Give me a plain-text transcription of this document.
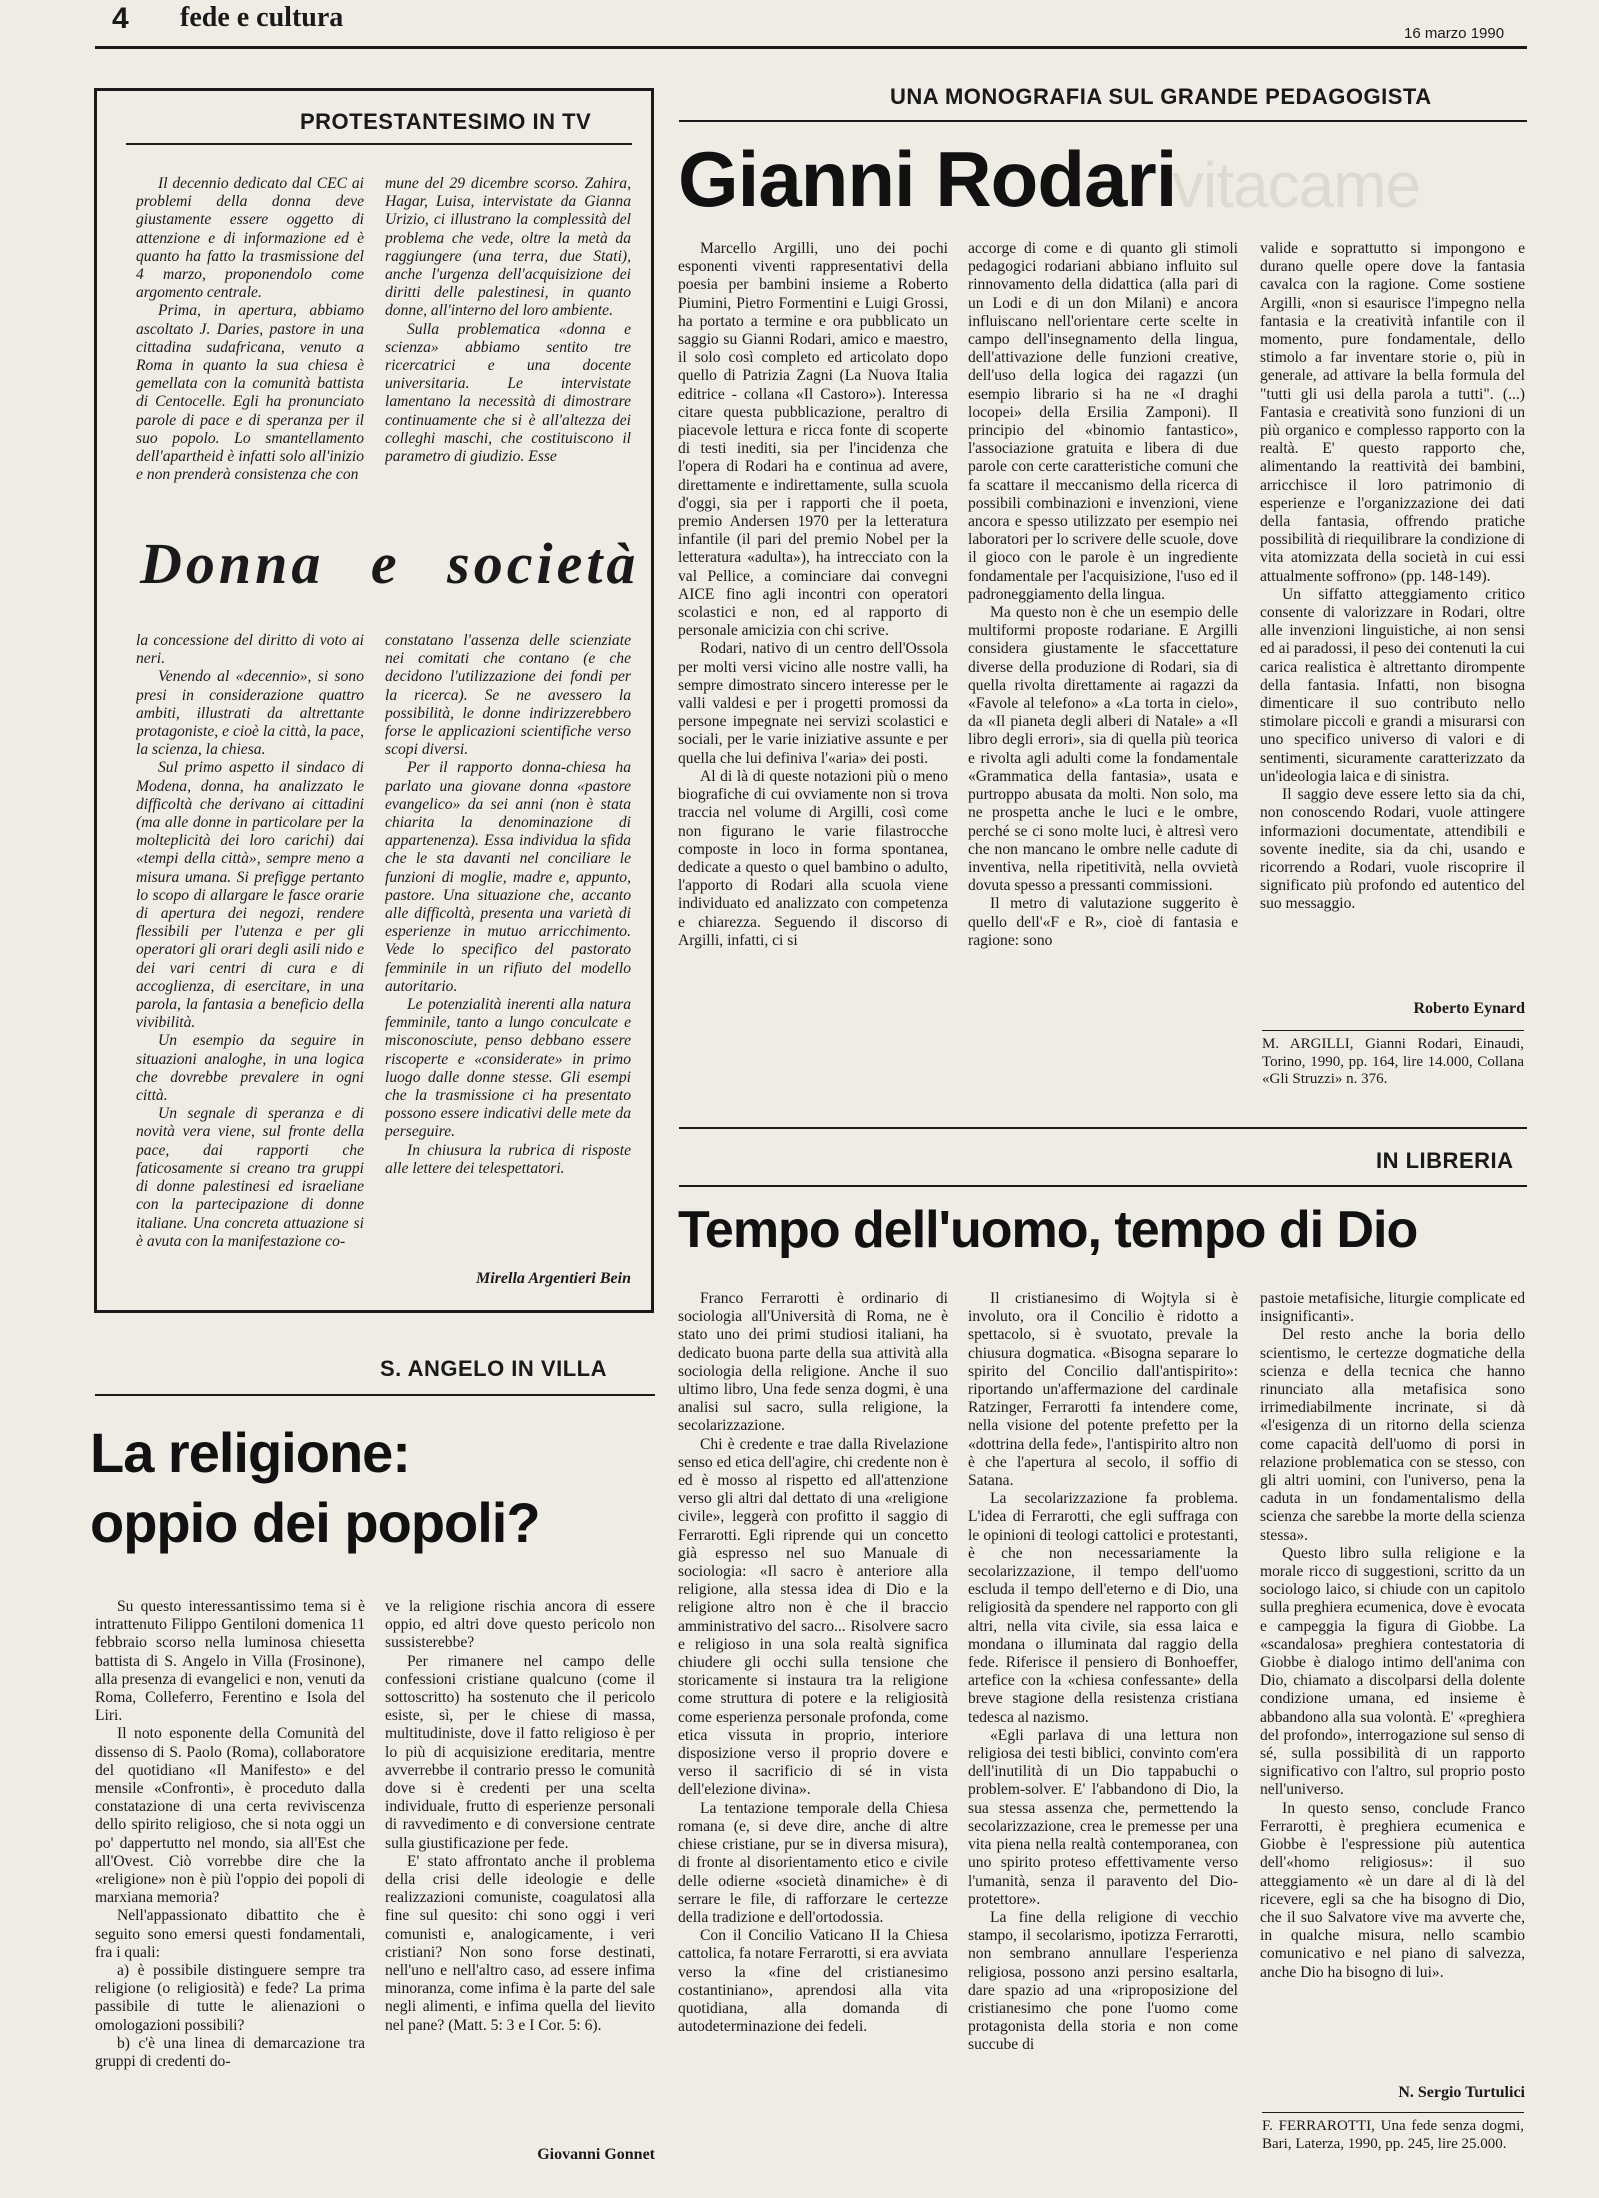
4 fede e cultura
16 marzo 1990
PROTESTANTESIMO IN TV

Il decennio dedicato dal CEC ai problemi della donna deve giustamente essere oggetto di attenzione e di informazione ed è quanto ha fatto la trasmissione del 4 marzo, proponendolo come argomento centrale.

Prima, in apertura, abbiamo ascoltato J. Daries, pastore in una cittadina sudafricana, venuto a Roma in quanto la sua chiesa è gemellata con la comunità battista di Centocelle. Egli ha pronunciato parole di pace e di speranza per il suo popolo. Lo smantellamento dell'apartheid è infatti solo all'inizio e non prenderà consistenza che con

mune del 29 dicembre scorso. Zahira, Hagar, Luisa, intervistate da Gianna Urizio, ci illustrano la complessità del problema che vede, oltre la metà da raggiungere (una terra, due Stati), anche l'urgenza dell'acquisizione dei diritti delle palestinesi, in quanto donne, all'interno del loro ambiente.

Sulla problematica «donna e scienza» abbiamo sentito tre ricercatrici e una docente universitaria. Le intervistate lamentano la necessità di dimostrare continuamente che si è all'altezza dei colleghi maschi, che costituiscono il parametro di giudizio. Esse

Donna e società

la concessione del diritto di voto ai neri.

Venendo al «decennio», si sono presi in considerazione quattro ambiti, illustrati da altrettante protagoniste, e cioè la città, la pace, la scienza, la chiesa.

Sul primo aspetto il sindaco di Modena, donna, ha analizzato le difficoltà che derivano ai cittadini (ma alle donne in particolare per la molteplicità dei loro carichi) dai «tempi della città», sempre meno a misura umana. Si prefigge pertanto lo scopo di allargare le fasce orarie di apertura dei negozi, rendere flessibili per l'utenza e per gli operatori gli orari degli asili nido e dei vari centri di cura e di accoglienza, di esercitare, in una parola, la fantasia a beneficio della vivibilità.

Un esempio da seguire in situazioni analoghe, in una logica che dovrebbe prevalere in ogni città.

Un segnale di speranza e di novità vera viene, sul fronte della pace, dai rapporti che faticosamente si creano tra gruppi di donne palestinesi ed israeliane con la partecipazione di donne italiane. Una concreta attuazione si è avuta con la manifestazione co-

constatano l'assenza delle scienziate nei comitati che contano (e che decidono l'utilizzazione dei fondi per la ricerca). Se ne avessero la possibilità, le donne indirizzerebbero forse le applicazioni scientifiche verso scopi diversi.

Per il rapporto donna-chiesa ha parlato una giovane donna «pastore evangelico» da sei anni (non è stata chiarita la denominazione di appartenenza). Essa individua la sfida che le sta davanti nel conciliare le funzioni di moglie, madre e, appunto, pastore. Una situazione che, accanto alle difficoltà, presenta una varietà di esperienze in mutuo arricchimento. Vede lo specifico del pastorato femminile in un rifiuto del modello autoritario.

Le potenzialità inerenti alla natura femminile, tanto a lungo conculcate e misconosciute, penso debbano essere riscoperte e «considerate» in primo luogo dalle donne stesse. Gli esempi che la trasmissione ci ha presentato possono essere indicativi delle mete da perseguire.

In chiusura la rubrica di risposte alle lettere dei telespettatori.

Mirella Argentieri Bein
UNA MONOGRAFIA SUL GRANDE PEDAGOGISTA
vitacame
Gianni Rodari

Marcello Argilli, uno dei pochi esponenti viventi rappresentativi della poesia per bambini insieme a Roberto Piumini, Pietro Formentini e Luigi Grossi, ha portato a termine e ora pubblicato un saggio su Gianni Rodari, amico e maestro, il solo così completo ed articolato dopo quello di Patrizia Zagni (La Nuova Italia editrice - collana «Il Castoro»). Interessa citare questa pubblicazione, peraltro di piacevole lettura e ricca fonte di scoperte di testi inediti, sia per l'incidenza che l'opera di Rodari ha e continua ad avere, direttamente e indirettamente, sulla scuola d'oggi, sia per i rapporti che il poeta, premio Andersen 1970 per la letteratura infantile (il pari del premio Nobel per la letteratura «adulta»), ha intrecciato con la val Pellice, a cominciare dai convegni AICE fino agli incontri con operatori scolastici e non, ed al rapporto di personale amicizia con chi scrive.

Rodari, nativo di un centro dell'Ossola per molti versi vicino alle nostre valli, ha sempre dimostrato sincero interesse per le valli valdesi e per i progetti promossi da persone impegnate nei servizi scolastici e sociali, per le varie iniziative assunte e per quella che lui definiva l'«aria» dei posti.

Al di là di queste notazioni più o meno biografiche di cui ovviamente non si trova traccia nel volume di Argilli, così come non figurano le varie filastrocche composte in loco in forma spontanea, dedicate a questo o quel bambino o adulto, l'apporto di Rodari alla scuola viene individuato ed analizzato con competenza e chiarezza. Seguendo il discorso di Argilli, infatti, ci si

accorge di come e di quanto gli stimoli pedagogici rodariani abbiano influito sul rinnovamento della didattica (alla pari di un Lodi e di un don Milani) e ancora influiscano nell'orientare certe scelte in campo dell'insegnamento della lingua, dell'attivazione delle funzioni creative, dell'uso della logica dei ragazzi (un esempio librario si ha ne «I draghi locopei» della Ersilia Zamponi). Il principio del «binomio fantastico», l'associazione gratuita e libera di due parole con certe caratteristiche comuni che fa scattare il meccanismo della ricerca di possibili combinazioni e invenzioni, viene ancora e spesso utilizzato per esempio nei laboratori per lo scrivere delle scuole, dove il gioco con le parole è un ingrediente fondamentale per l'acquisizione, l'uso ed il padroneggiamento della lingua.

Ma questo non è che un esempio delle multiformi proposte rodariane. E Argilli considera giustamente le sfaccettature diverse della produzione di Rodari, sia di quella rivolta direttamente ai ragazzi da «Favole al telefono» a «La torta in cielo», da «Il pianeta degli alberi di Natale» a «Il libro degli errori», sia di quella più teorica e rivolta agli adulti come la fondamentale «Grammatica della fantasia», usata e purtroppo abusata da molti. Non solo, ma ne prospetta anche le luci e le ombre, perché se ci sono molte luci, è altresì vero che non mancano le ombre nelle cadute di inventiva, nella ripetitività, nella ovvietà dovuta spesso a pressanti commissioni.

Il metro di valutazione suggerito è quello dell'«F e R», cioè di fantasia e ragione: sono

valide e soprattutto si impongono e durano quelle opere dove la fantasia cavalca con la ragione. Come sostiene Argilli, «non si esaurisce l'impegno nella fantasia e la creatività infantile con il momento, pure fondamentale, dello stimolo a far inventare storie o, più in generale, ad attivare la bella formula del "tutti gli usi della parola a tutti". (...) Fantasia e creatività sono funzioni di un più organico e complesso rapporto con la realtà. E' questo rapporto che, alimentando la reattività dei bambini, arricchisce il loro patrimonio di esperienze e l'organizzazione dei dati della fantasia, offrendo pratiche possibilità di riequilibrare la condizione di vita atomizzata della società in cui essi attualmente soffrono» (pp. 148-149).

Un siffatto atteggiamento critico consente di valorizzare in Rodari, oltre alle invenzioni linguistiche, ai non sensi ed ai paradossi, il peso dei contenuti la cui carica realistica è altrettanto dirompente della fantasia. Infatti, non bisogna dimenticare il suo contributo nello stimolare piccoli e grandi a misurarsi con uno specifico universo di valori e di sentimenti, sicuramente caratterizzato da un'ideologia laica e di sinistra.

Il saggio deve essere letto sia da chi, non conoscendo Rodari, vuole attingere informazioni documentate, attendibili e sovente inedite, sia da chi, usando e ricorrendo a Rodari, vuole riscoprire il significato più profondo ed autentico del suo messaggio.

Roberto Eynard
M. ARGILLI, Gianni Rodari, Einaudi, Torino, 1990, pp. 164, lire 14.000, Collana «Gli Struzzi» n. 376.
S. ANGELO IN VILLA
La religione:
oppio dei popoli?

Su questo interessantissimo tema si è intrattenuto Filippo Gentiloni domenica 11 febbraio scorso nella luminosa chiesetta battista di S. Angelo in Villa (Frosinone), alla presenza di evangelici e non, venuti da Roma, Colleferro, Ferentino e Isola del Liri.

Il noto esponente della Comunità del dissenso di S. Paolo (Roma), collaboratore del quotidiano «Il Manifesto» e del mensile «Confronti», è proceduto dalla constatazione di una certa reviviscenza dello spirito religioso, che si nota oggi un po' dappertutto nel mondo, sia all'Est che all'Ovest. Ciò vorrebbe dire che la «religione» non è più l'oppio dei popoli di marxiana memoria?

Nell'appassionato dibattito che è seguito sono emersi questi fondamentali, fra i quali:

a) è possibile distinguere sempre tra religione (o religiosità) e fede? La prima passibile di tutte le alienazioni o omologazioni possibili?

b) c'è una linea di demarcazione tra gruppi di credenti do-

ve la religione rischia ancora di essere oppio, ed altri dove questo pericolo non sussisterebbe?

Per rimanere nel campo delle confessioni cristiane qualcuno (come il sottoscritto) ha sostenuto che il pericolo esiste, sì, per le chiese di massa, multitudiniste, dove il fatto religioso è per lo più di acquisizione ereditaria, mentre avverrebbe il contrario presso le comunità dove si è credenti per una scelta individuale, frutto di esperienze personali di ravvedimento e di conversione centrate sulla giustificazione per fede.

E' stato affrontato anche il problema della crisi delle ideologie e delle realizzazioni comuniste, coagulatosi alla fine sul quesito: chi sono oggi i veri comunisti e, analogicamente, i veri cristiani? Non sono forse destinati, nell'uno e nell'altro caso, ad essere infima minoranza, come infima è la parte del sale negli alimenti, e infima quella del lievito nel pane? (Matt. 5: 3 e I Cor. 5: 6).

Giovanni Gonnet
IN LIBRERIA
Tempo dell'uomo, tempo di Dio

Franco Ferrarotti è ordinario di sociologia all'Università di Roma, ne è stato uno dei primi studiosi italiani, ha dedicato buona parte della sua attività alla sociologia della religione. Anche il suo ultimo libro, Una fede senza dogmi, è una analisi sul sacro, sulla religione, la secolarizzazione.

Chi è credente e trae dalla Rivelazione senso ed etica dell'agire, chi credente non è ed è mosso al rispetto ed all'attenzione verso gli altri dal dettato di una «religione civile», leggerà con profitto il saggio di Ferrarotti. Egli riprende qui un concetto già espresso nel suo Manuale di sociologia: «Il sacro è anteriore alla religione, alla stessa idea di Dio e la religione altro non è che il braccio amministrativo del sacro... Risolvere sacro e religioso in una sola realtà significa chiudere gli occhi sulla tensione che storicamente si instaura tra la religione come struttura di potere e la religiosità come esperienza personale profonda, come etica vissuta in proprio, interiore disposizione verso il proprio dovere e verso il sacrificio di sé in vista dell'elezione divina».

La tentazione temporale della Chiesa romana (e, si deve dire, anche di altre chiese cristiane, pur se in diversa misura), di fronte al disorientamento etico e civile delle odierne «società dinamiche» è di serrare le file, di rafforzare le certezze della tradizione e dell'ortodossia.

Con il Concilio Vaticano II la Chiesa cattolica, fa notare Ferrarotti, si era avviata verso la «fine del cristianesimo costantiniano», aprendosi alla vita quotidiana, alla domanda di autodeterminazione dei fedeli.

Il cristianesimo di Wojtyla si è involuto, ora il Concilio è ridotto a spettacolo, si è svuotato, prevale la chiusura dogmatica. «Bisogna separare lo spirito del Concilio dall'antispirito»: riportando un'affermazione del cardinale Ratzinger, Ferrarotti fa intendere come, nella visione del potente prefetto per la «dottrina della fede», l'antispirito altro non è che l'apertura al secolo, il soffio di Satana.

La secolarizzazione fa problema. L'idea di Ferrarotti, che egli suffraga con le opinioni di teologi cattolici e protestanti, è che non necessariamente la secolarizzazione, il tempo dell'uomo escluda il tempo dell'eterno e di Dio, una religiosità da spendere nel rapporto con gli altri, nella vita civile, sia essa laica e mondana o illuminata dal raggio della fede. Riferisce il pensiero di Bonhoeffer, artefice con la «chiesa confessante» della breve stagione della resistenza cristiana tedesca al nazismo.

«Egli parlava di una lettura non religiosa dei testi biblici, convinto com'era dell'inutilità di un Dio tappabuchi o problem-solver. E' l'abbandono di Dio, la sua stessa assenza che, permettendo la secolarizzazione, crea le premesse per una vita piena nella realtà contemporanea, con uno spirito proteso effettivamente verso l'umanità, senza il paravento del Dio-protettore».

La fine della religione di vecchio stampo, il secolarismo, ipotizza Ferrarotti, non sembrano annullare l'esperienza religiosa, possono anzi persino esaltarla, dare spazio ad una «riproposizione del cristianesimo che pone l'uomo come protagonista della storia e non come succube di

pastoie metafisiche, liturgie complicate ed insignificanti».

Del resto anche la boria dello scientismo, le certezze dogmatiche della scienza e della tecnica che hanno rinunciato alla metafisica sono irrimediabilmente incrinate, si dà «l'esigenza di un ritorno della scienza come capacità dell'uomo di porsi in relazione problematica con se stesso, con gli altri uomini, con l'universo, pena la caduta in un fondamentalismo della scienza che sarebbe la morte della scienza stessa».

Questo libro sulla religione e la morale ricco di suggestioni, scritto da un sociologo laico, si chiude con un capitolo sulla preghiera ecumenica, dove è evocata e campeggia la figura di Giobbe. La «scandalosa» preghiera contestatoria di Giobbe è dialogo intimo dell'anima con Dio, chiamato a discolparsi della dolente condizione umana, ed insieme è abbandono alla sua volontà. E' «preghiera del profondo», interrogazione sul senso di sé, sulla possibilità di un rapporto significativo con l'altro, sul proprio posto nell'universo.

In questo senso, conclude Franco Ferrarotti, è preghiera ecumenica e Giobbe è l'espressione più autentica dell'«homo religiosus»: il suo atteggiamento «è un dare al di là del ricevere, egli sa che ha bisogno di Dio, che il suo Salvatore vive ma avverte che, in qualche misura, nello scambio comunicativo e nel piano di salvezza, anche Dio ha bisogno di lui».

N. Sergio Turtulici
F. FERRAROTTI, Una fede senza dogmi, Bari, Laterza, 1990, pp. 245, lire 25.000.
